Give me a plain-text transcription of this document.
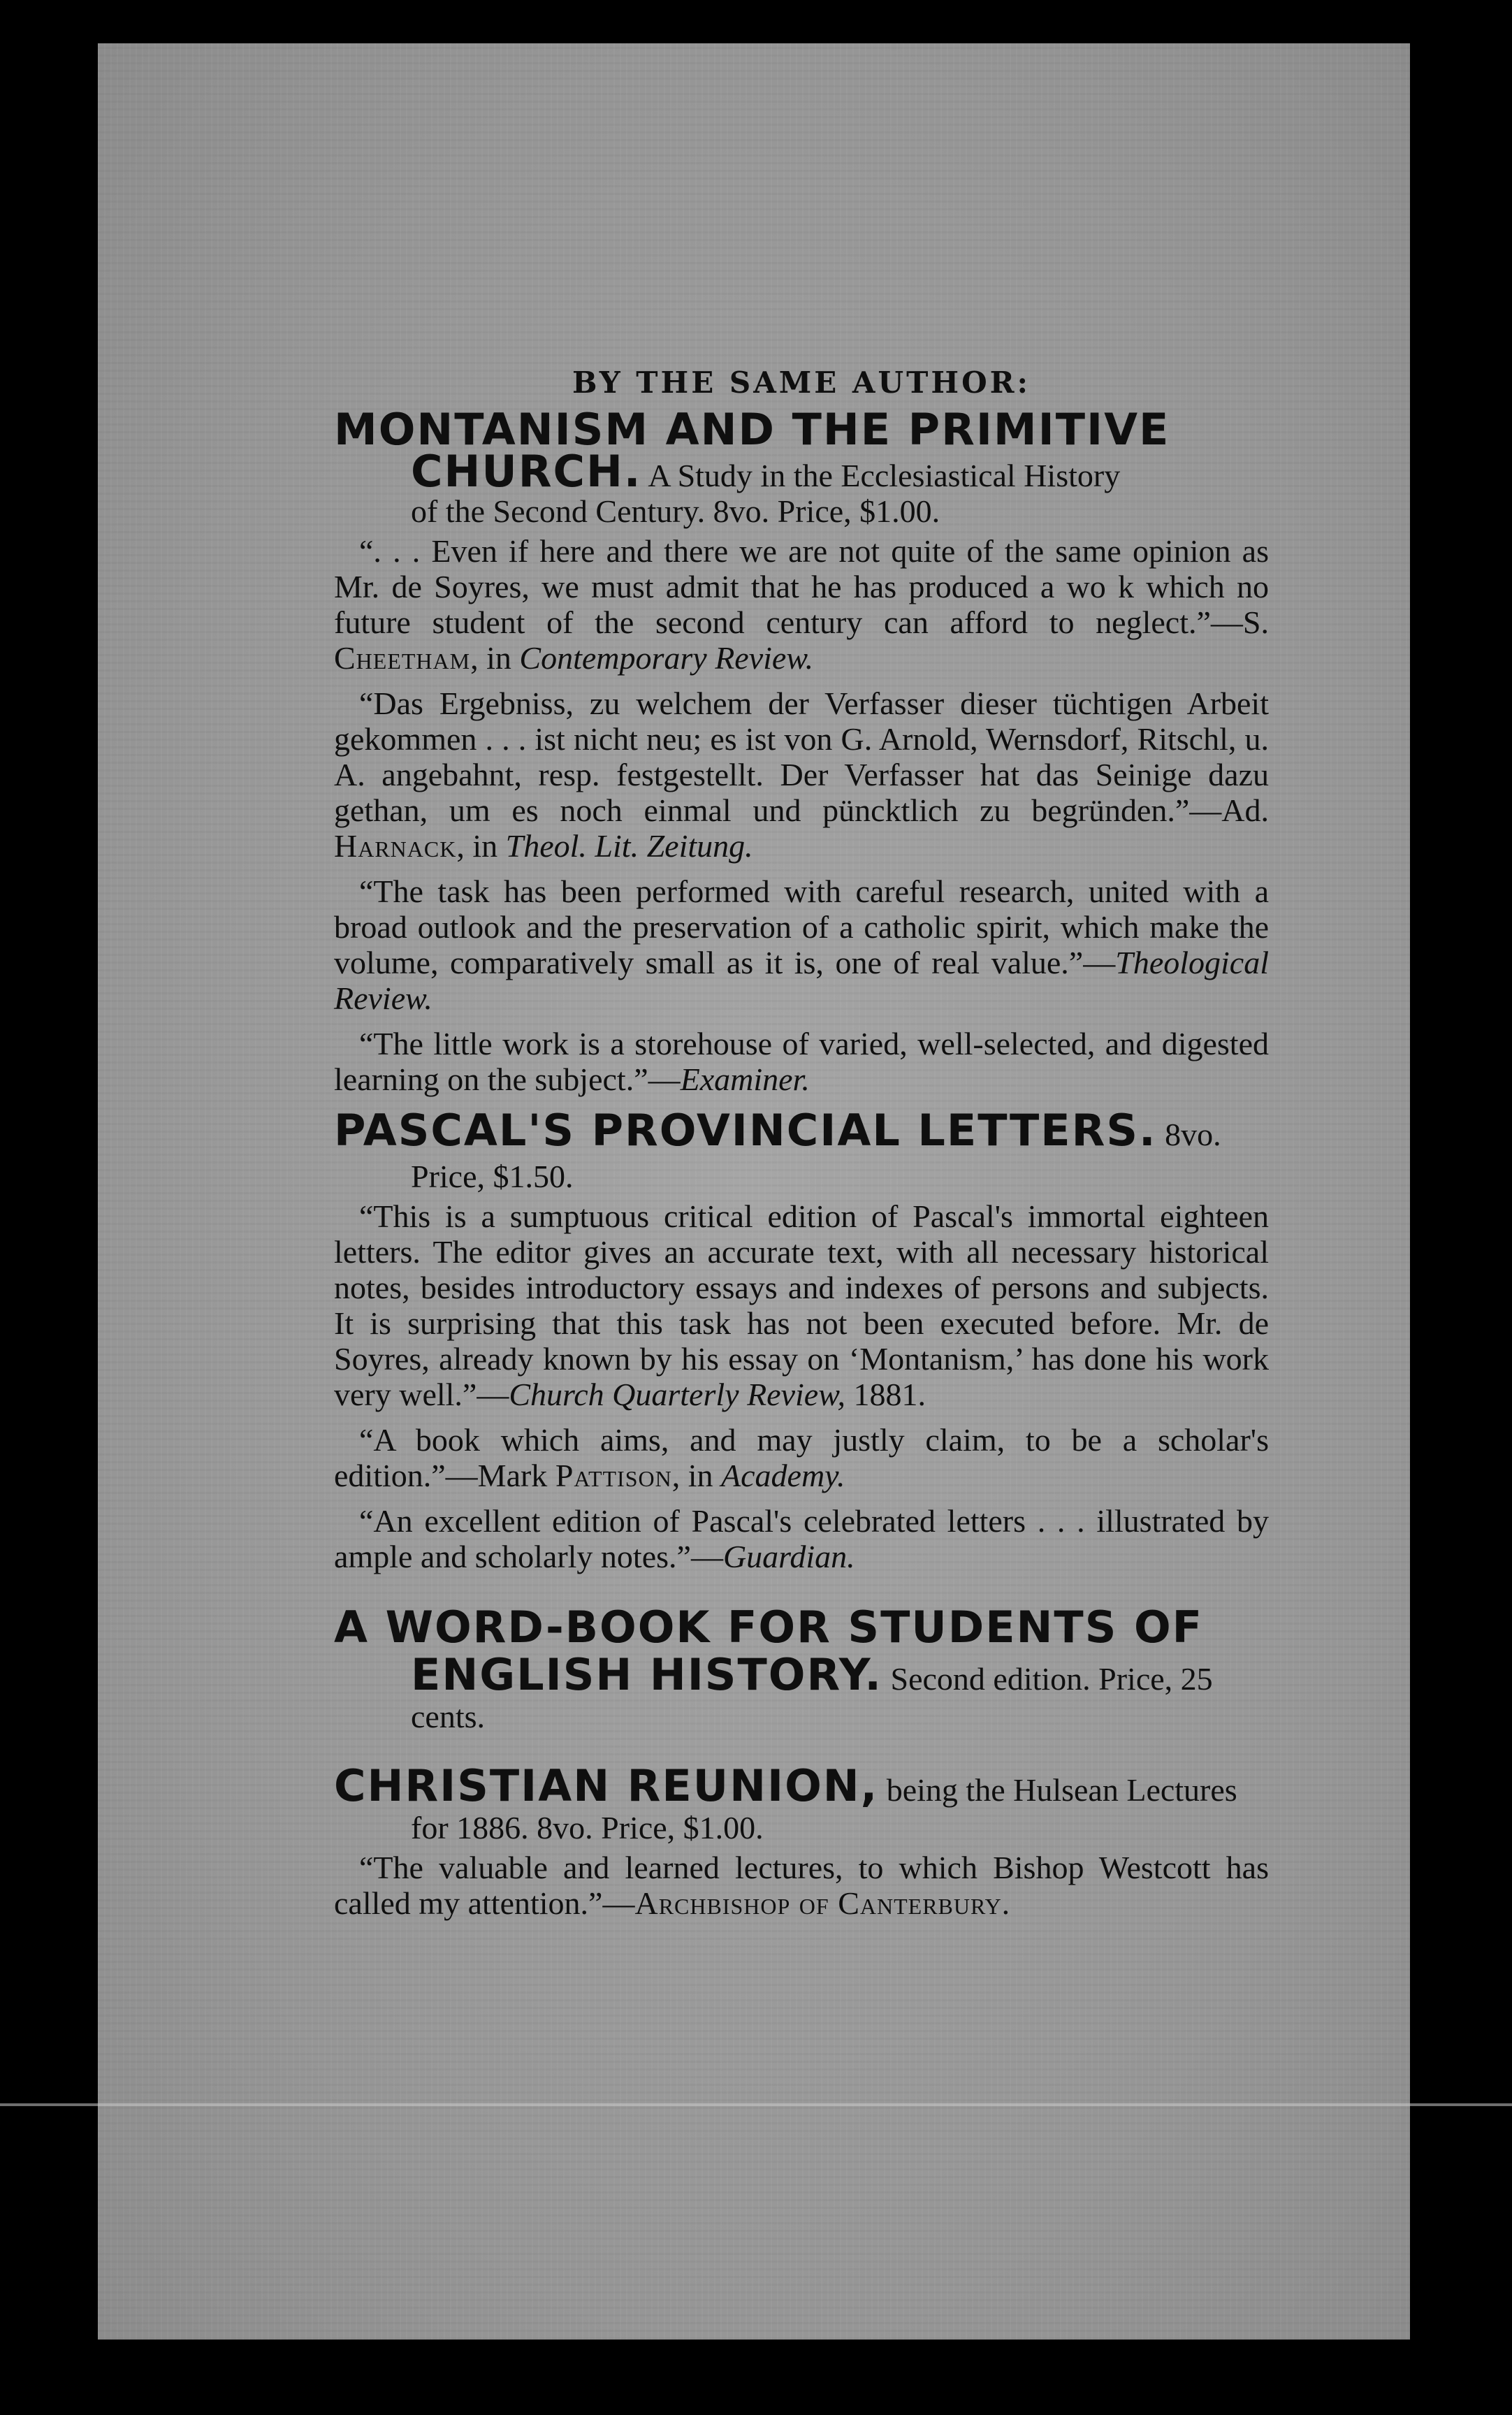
BY THE SAME AUTHOR:
MONTANISM AND THE PRIMITIVE
CHURCH. A Study in the Ecclesiastical History
of the Second Century. 8vo. Price, $1.00.

“. . . Even if here and there we are not quite of the same opinion as Mr. de Soyres, we must admit that he has produced a wo k which no future student of the second century can afford to neglect.”—S. Cheetham, in Contemporary Review.

“Das Ergebniss, zu welchem der Verfasser dieser tüchtigen Arbeit gekommen . . . ist nicht neu; es ist von G. Arnold, Wernsdorf, Ritschl, u. A. angebahnt, resp. festgestellt. Der Verfasser hat das Seinige dazu gethan, um es noch einmal und püncktlich zu begründen.”—Ad. Harnack, in Theol. Lit. Zeitung.

“The task has been performed with careful research, united with a broad outlook and the preservation of a catholic spirit, which make the volume, comparatively small as it is, one of real value.”—Theological Review.

“The little work is a storehouse of varied, well-selected, and digested learning on the subject.”—Examiner.

PASCAL'S PROVINCIAL LETTERS. 8vo.
Price, $1.50.

“This is a sumptuous critical edition of Pascal's immortal eighteen letters. The editor gives an accurate text, with all necessary historical notes, besides introductory essays and indexes of persons and subjects. It is surprising that this task has not been executed before. Mr. de Soyres, already known by his essay on ‘Montanism,’ has done his work very well.”—Church Quarterly Review, 1881.

“A book which aims, and may justly claim, to be a scholar's edition.”—Mark Pattison, in Academy.

“An excellent edition of Pascal's celebrated letters . . . illustrated by ample and scholarly notes.”—Guardian.

A WORD-BOOK FOR STUDENTS OF ENGLISH HISTORY. Second edition. Price, 25 cents.
CHRISTIAN REUNION, being the Hulsean Lectures
for 1886. 8vo. Price, $1.00.

“The valuable and learned lectures, to which Bishop Westcott has called my attention.”—Archbishop of Canterbury.
